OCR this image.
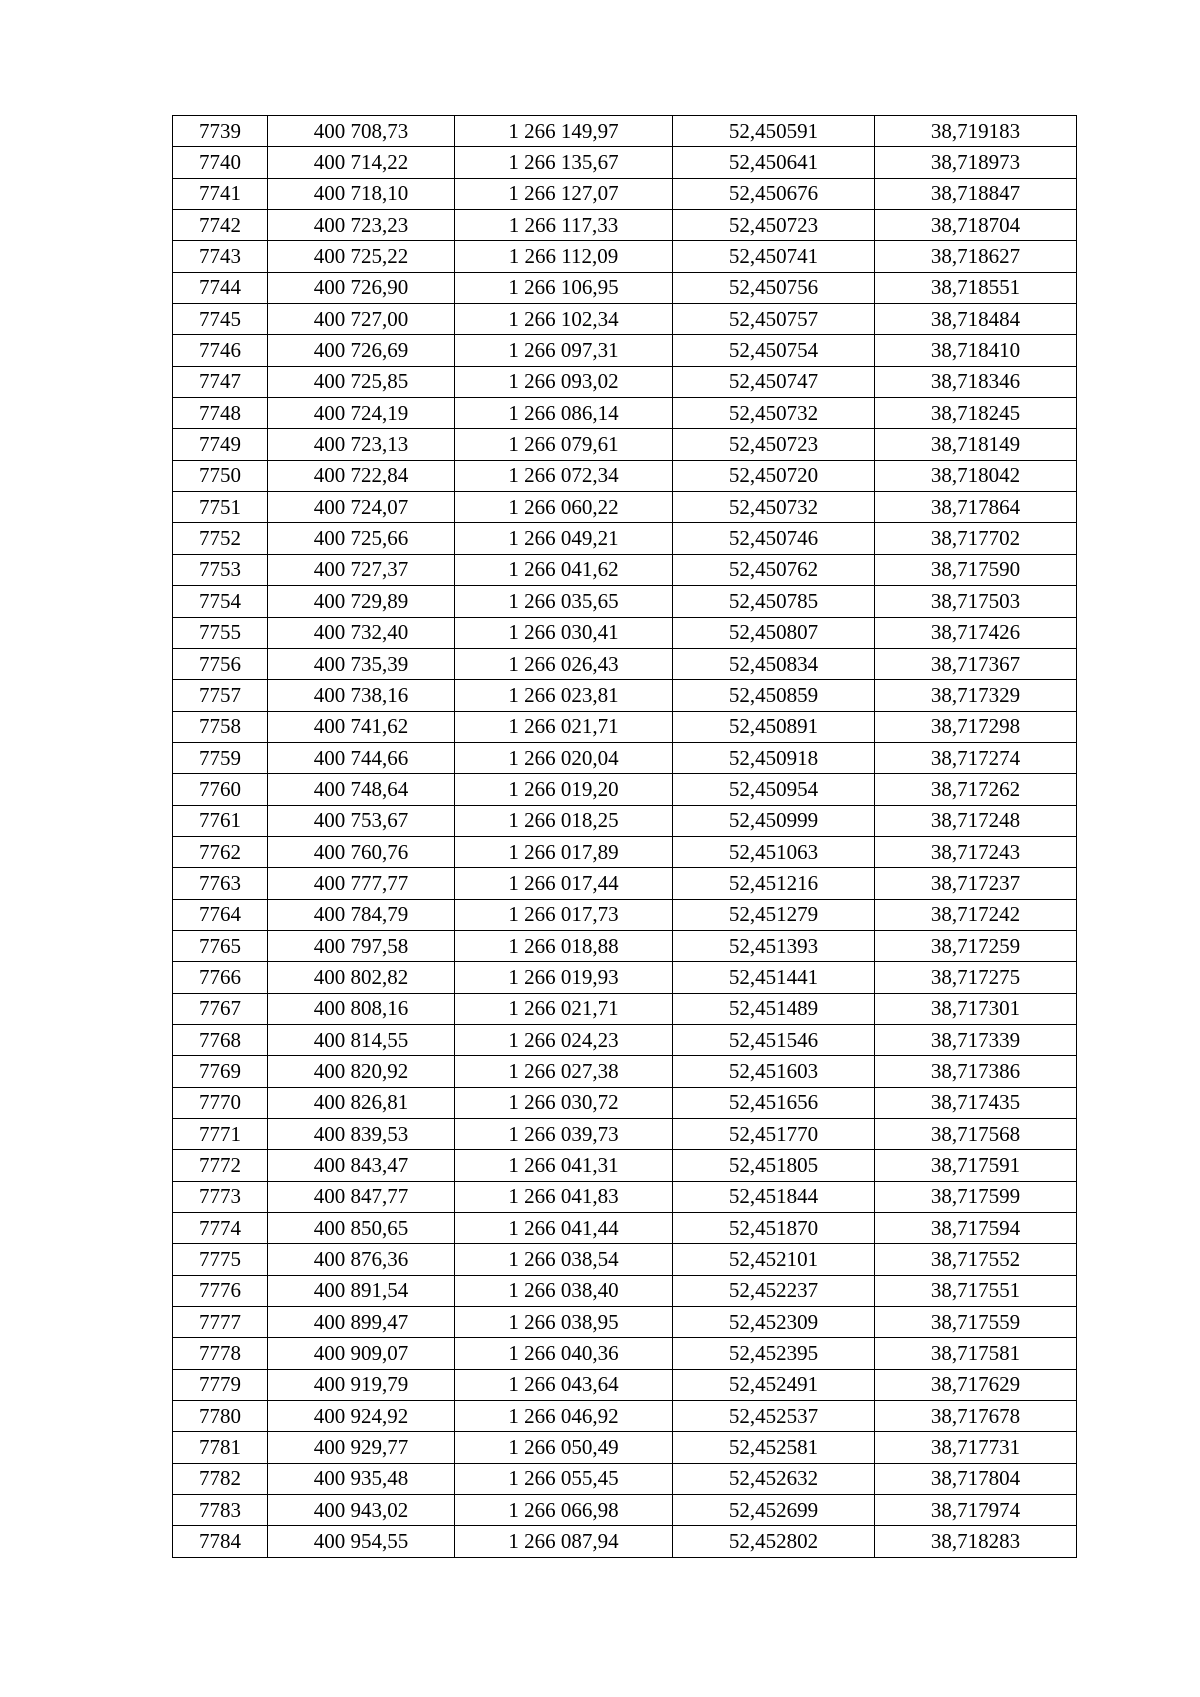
7739	400 708,73	1 266 149,97	52,450591	38,719183
7740	400 714,22	1 266 135,67	52,450641	38,718973
7741	400 718,10	1 266 127,07	52,450676	38,718847
7742	400 723,23	1 266 117,33	52,450723	38,718704
7743	400 725,22	1 266 112,09	52,450741	38,718627
7744	400 726,90	1 266 106,95	52,450756	38,718551
7745	400 727,00	1 266 102,34	52,450757	38,718484
7746	400 726,69	1 266 097,31	52,450754	38,718410
7747	400 725,85	1 266 093,02	52,450747	38,718346
7748	400 724,19	1 266 086,14	52,450732	38,718245
7749	400 723,13	1 266 079,61	52,450723	38,718149
7750	400 722,84	1 266 072,34	52,450720	38,718042
7751	400 724,07	1 266 060,22	52,450732	38,717864
7752	400 725,66	1 266 049,21	52,450746	38,717702
7753	400 727,37	1 266 041,62	52,450762	38,717590
7754	400 729,89	1 266 035,65	52,450785	38,717503
7755	400 732,40	1 266 030,41	52,450807	38,717426
7756	400 735,39	1 266 026,43	52,450834	38,717367
7757	400 738,16	1 266 023,81	52,450859	38,717329
7758	400 741,62	1 266 021,71	52,450891	38,717298
7759	400 744,66	1 266 020,04	52,450918	38,717274
7760	400 748,64	1 266 019,20	52,450954	38,717262
7761	400 753,67	1 266 018,25	52,450999	38,717248
7762	400 760,76	1 266 017,89	52,451063	38,717243
7763	400 777,77	1 266 017,44	52,451216	38,717237
7764	400 784,79	1 266 017,73	52,451279	38,717242
7765	400 797,58	1 266 018,88	52,451393	38,717259
7766	400 802,82	1 266 019,93	52,451441	38,717275
7767	400 808,16	1 266 021,71	52,451489	38,717301
7768	400 814,55	1 266 024,23	52,451546	38,717339
7769	400 820,92	1 266 027,38	52,451603	38,717386
7770	400 826,81	1 266 030,72	52,451656	38,717435
7771	400 839,53	1 266 039,73	52,451770	38,717568
7772	400 843,47	1 266 041,31	52,451805	38,717591
7773	400 847,77	1 266 041,83	52,451844	38,717599
7774	400 850,65	1 266 041,44	52,451870	38,717594
7775	400 876,36	1 266 038,54	52,452101	38,717552
7776	400 891,54	1 266 038,40	52,452237	38,717551
7777	400 899,47	1 266 038,95	52,452309	38,717559
7778	400 909,07	1 266 040,36	52,452395	38,717581
7779	400 919,79	1 266 043,64	52,452491	38,717629
7780	400 924,92	1 266 046,92	52,452537	38,717678
7781	400 929,77	1 266 050,49	52,452581	38,717731
7782	400 935,48	1 266 055,45	52,452632	38,717804
7783	400 943,02	1 266 066,98	52,452699	38,717974
7784	400 954,55	1 266 087,94	52,452802	38,718283
